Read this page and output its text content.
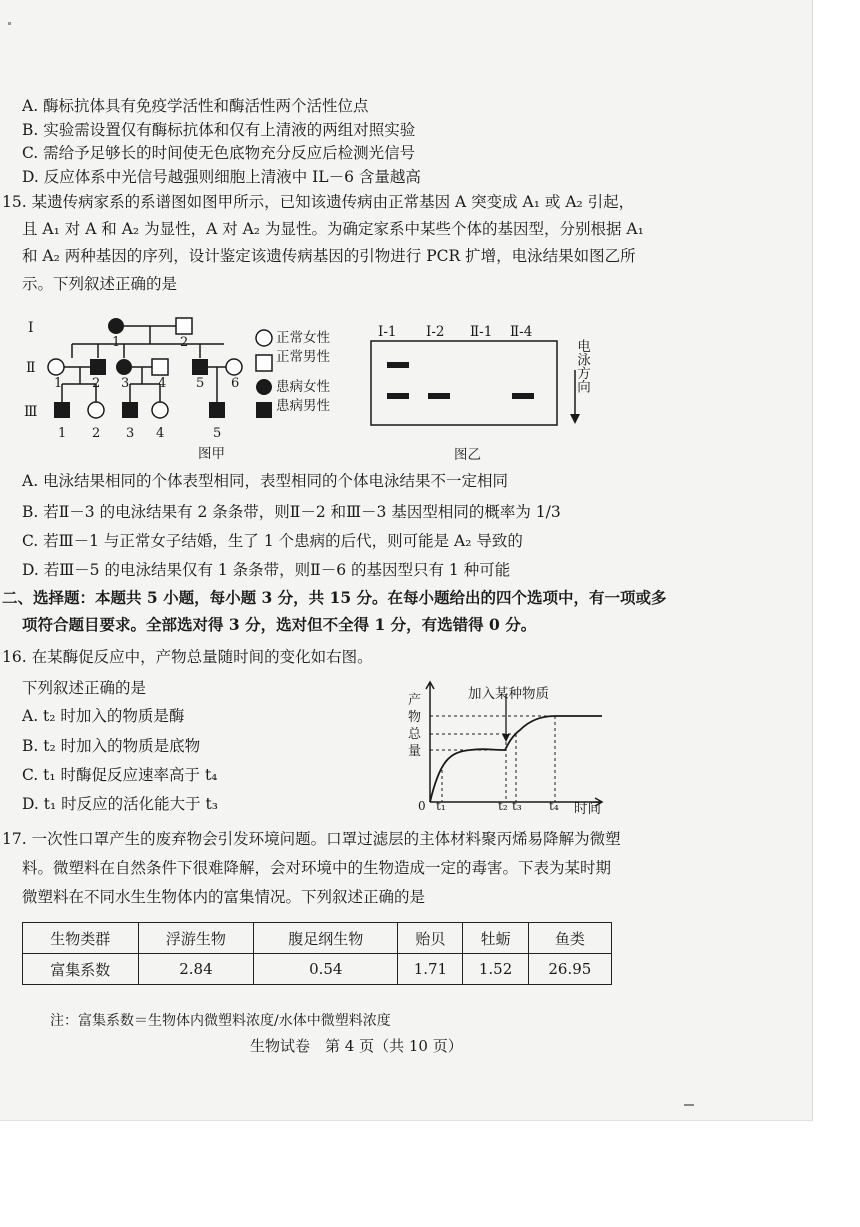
A. 酶标抗体具有免疫学活性和酶活性两个活性位点
B. 实验需设置仅有酶标抗体和仅有上清液的两组对照实验
C. 需给予足够长的时间使无色底物充分反应后检测光信号
D. 反应体系中光信号越强则细胞上清液中 IL－6 含量越高
15. 某遗传病家系的系谱图如图甲所示，已知该遗传病由正常基因 A 突变成 A₁ 或 A₂ 引起，
且 A₁ 对 A 和 A₂ 为显性，A 对 A₂ 为显性。为确定家系中某些个体的基因型，分别根据 A₁
和 A₂ 两种基因的序列，设计鉴定该遗传病基因的引物进行 PCR 扩增，电泳结果如图乙所
示。下列叙述正确的是
Ⅰ
Ⅱ
Ⅲ
1	2
1 2 3 4 5 6
1 2 3 4	5
正常女性
正常男性
患病女性
患病男性
图甲
Ⅰ-1 Ⅰ-2 Ⅱ-1 Ⅱ-4
电泳方向
图乙
A. 电泳结果相同的个体表型相同，表型相同的个体电泳结果不一定相同
B. 若Ⅱ－3 的电泳结果有 2 条条带，则Ⅱ－2 和Ⅲ－3 基因型相同的概率为 1/3
C. 若Ⅲ－1 与正常女子结婚，生了 1 个患病的后代，则可能是 A₂ 导致的
D. 若Ⅲ－5 的电泳结果仅有 1 条条带，则Ⅱ－6 的基因型只有 1 种可能
二、选择题：本题共 5 小题，每小题 3 分，共 15 分。在每小题给出的四个选项中，有一项或多
项符合题目要求。全部选对得 3 分，选对但不全得 1 分，有选错得 0 分。
16. 在某酶促反应中，产物总量随时间的变化如右图。
下列叙述正确的是
A. t₂ 时加入的物质是酶
B. t₂ 时加入的物质是底物
C. t₁ 时酶促反应速率高于 t₄
D. t₁ 时反应的活化能大于 t₃
加入某种物质
产物总量
0 t₁	t₂ t₃ t₄ 时间
17. 一次性口罩产生的废弃物会引发环境问题。口罩过滤层的主体材料聚丙烯易降解为微塑
料。微塑料在自然条件下很难降解，会对环境中的生物造成一定的毒害。下表为某时期
微塑料在不同水生生物体内的富集情况。下列叙述正确的是
生物类群	浮游生物	腹足纲生物	贻贝	牡蛎	鱼类
富集系数	2.84	0.54	1.71	1.52	26.95
注：富集系数＝生物体内微塑料浓度/水体中微塑料浓度
生物试卷　第 4 页（共 10 页）
